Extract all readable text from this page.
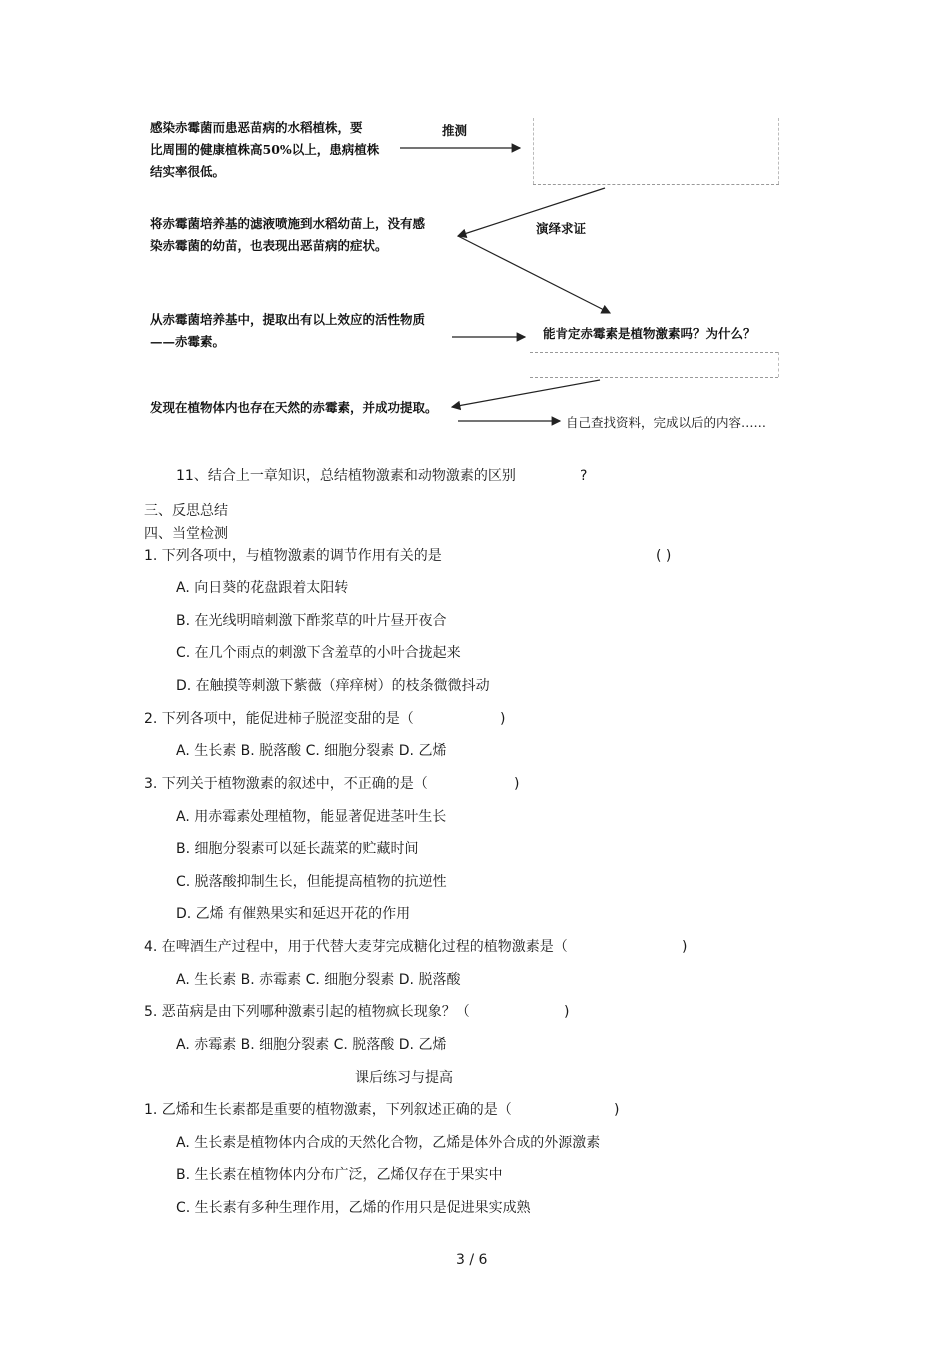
感染赤霉菌而患恶苗病的水稻植株，要
比周围的健康植株高50%以上，患病植株
结实率很低。
将赤霉菌培养基的滤液喷施到水稻幼苗上，没有感
染赤霉菌的幼苗，也表现出恶苗病的症状。
从赤霉菌培养基中，提取出有以上效应的活性物质
——赤霉素。
发现在植物体内也存在天然的赤霉素，并成功提取。
推测
演绎求证
能肯定赤霉素是植物激素吗？为什么？
自己查找资料，完成以后的内容……
11、结合上一章知识，总结植物激素和动物激素的区别	?
三、反思总结
四、当堂检测
1. 下列各项中，与植物激素的调节作用有关的是	( )
A. 向日葵的花盘跟着太阳转
B. 在光线明暗刺激下酢浆草的叶片昼开夜合
C. 在几个雨点的刺激下含羞草的小叶合拢起来
D. 在触摸等刺激下紫薇（痒痒树）的枝条微微抖动
2. 下列各项中，能促进柿子脱涩变甜的是（	)
A. 生长素 B. 脱落酸 C. 细胞分裂素 D. 乙烯
3. 下列关于植物激素的叙述中，不正确的是（	)
A. 用赤霉素处理植物，能显著促进茎叶生长
B. 细胞分裂素可以延长蔬菜的贮藏时间
C. 脱落酸抑制生长，但能提高植物的抗逆性
D. 乙烯 有催熟果实和延迟开花的作用
4. 在啤酒生产过程中，用于代替大麦芽完成糖化过程的植物激素是（	)
A. 生长素 B. 赤霉素 C. 细胞分裂素 D. 脱落酸
5. 恶苗病是由下列哪种激素引起的植物疯长现象？（	)
A. 赤霉素 B. 细胞分裂素 C. 脱落酸 D. 乙烯
课后练习与提高
1. 乙烯和生长素都是重要的植物激素，下列叙述正确的是（	)
A. 生长素是植物体内合成的天然化合物，乙烯是体外合成的外源激素
B. 生长素在植物体内分布广泛，乙烯仅存在于果实中
C. 生长素有多种生理作用，乙烯的作用只是促进果实成熟
3 / 6
